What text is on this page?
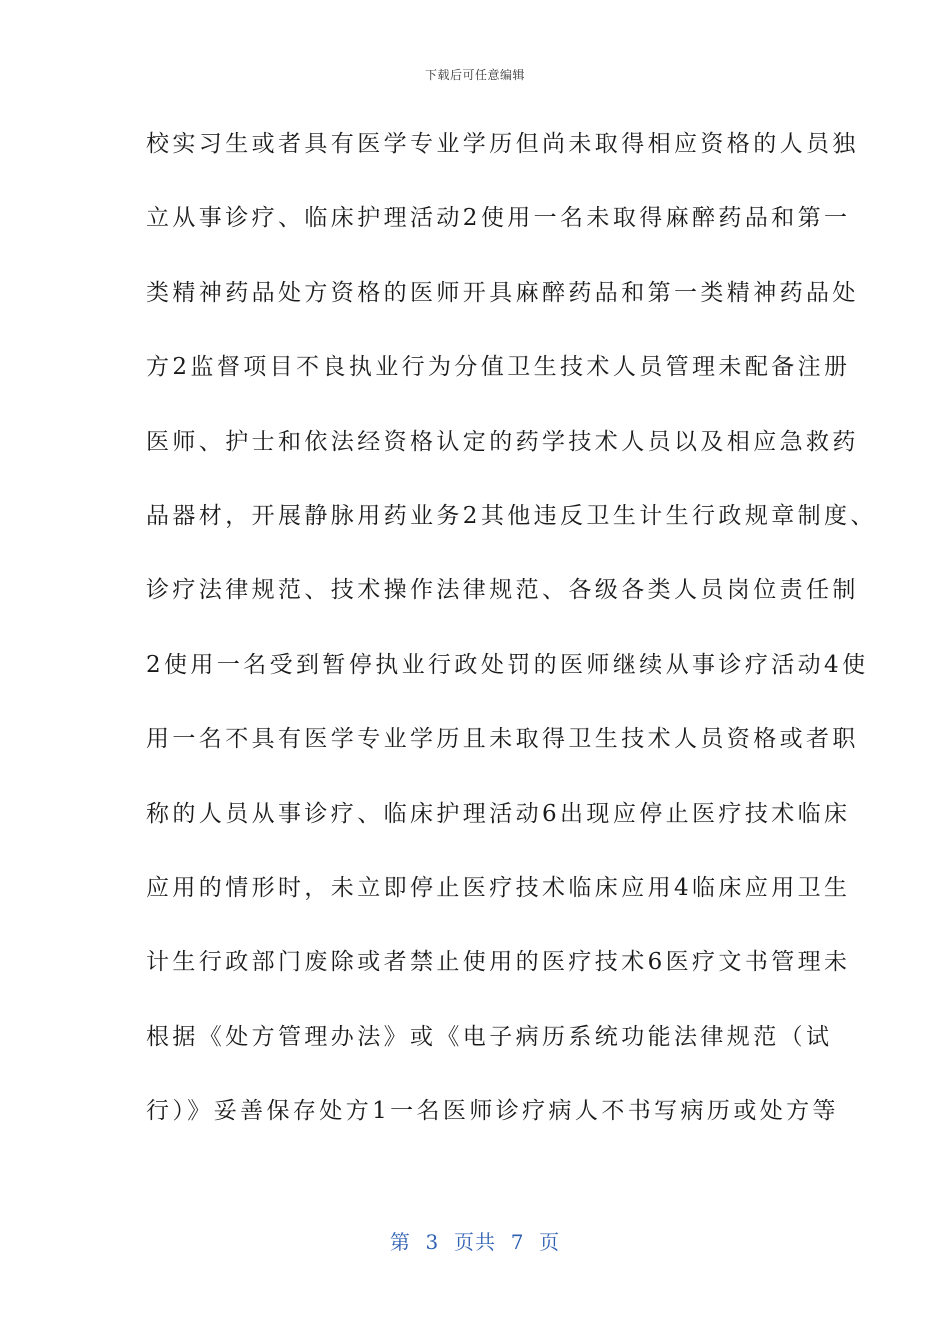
下载后可任意编辑
校实习生或者具有医学专业学历但尚未取得相应资格的人员独
立从事诊疗、临床护理活动2使用一名未取得麻醉药品和第一
类精神药品处方资格的医师开具麻醉药品和第一类精神药品处
方2监督项目不良执业行为分值卫生技术人员管理未配备注册
医师、护士和依法经资格认定的药学技术人员以及相应急救药
品器材，开展静脉用药业务2其他违反卫生计生行政规章制度、
诊疗法律规范、技术操作法律规范、各级各类人员岗位责任制
2使用一名受到暂停执业行政处罚的医师继续从事诊疗活动4使
用一名不具有医学专业学历且未取得卫生技术人员资格或者职
称的人员从事诊疗、临床护理活动6出现应停止医疗技术临床
应用的情形时，未立即停止医疗技术临床应用4临床应用卫生
计生行政部门废除或者禁止使用的医疗技术6医疗文书管理未
根据《处方管理办法》或《电子病历系统功能法律规范（试
行）》妥善保存处方1一名医师诊疗病人不书写病历或处方等
第  3  页共  7  页
